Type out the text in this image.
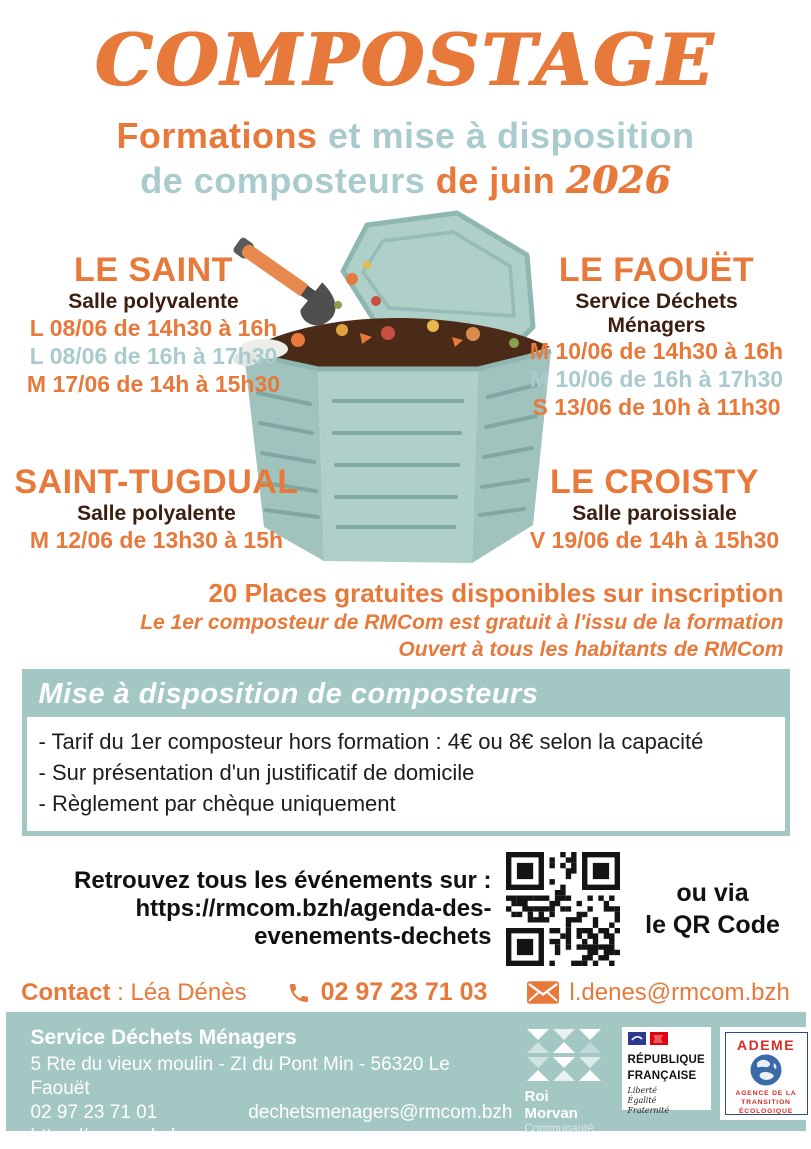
COMPOSTAGE
Formations et mise à disposition
de composteurs de juin 2026
LE SAINT
Salle polyvalente
L 08/06 de 14h30 à 16h
L 08/06 de 16h à 17h30
M 17/06 de 14h à 15h30
LE FAOUËT
Service Déchets Ménagers
M 10/06 de 14h30 à 16h
M 10/06 de 16h à 17h30
S 13/06 de 10h à 11h30
SAINT-TUGDUAL
Salle polyalente
M 12/06 de 13h30 à 15h
LE CROISTY
Salle paroissiale
V 19/06 de 14h à 15h30
20 Places gratuites disponibles sur inscription
Le 1er composteur de RMCom est gratuit à l'issu de la formation
Ouvert à tous les habitants de RMCom
Mise à disposition de composteurs
- Tarif du 1er composteur hors formation : 4€ ou 8€ selon la capacité
- Sur présentation d'un justificatif de domicile
- Règlement par chèque uniquement
Retrouvez tous les événements sur :
https://rmcom.bzh/agenda-des-
evenements-dechets
ou via
le QR Code
Contact : Léa Dénès	02 97 23 71 03	l.denes@rmcom.bzh
Service Déchets Ménagers
5 Rte du vieux moulin - ZI du Pont Min - 56320 Le Faouët
02 97 23 71 01	dechetsmenagers@rmcom.bzh
https://rmcom.bzh
Roi
Morvan
Communauté
RÉPUBLIQUE
FRANÇAISE
Liberté
Égalité
Fraternité
ADEME
AGENCE DE LA
TRANSITION
ÉCOLOGIQUE
